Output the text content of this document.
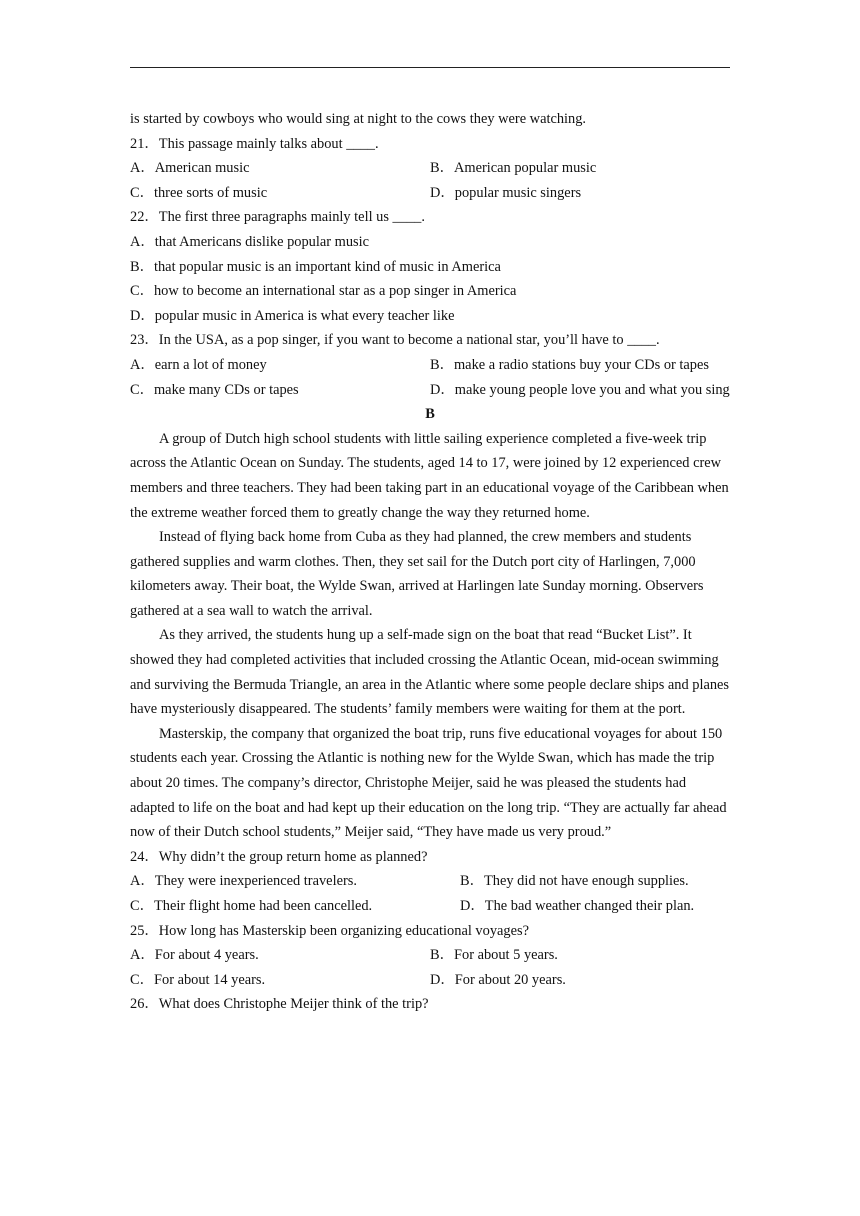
is started by cowboys who would sing at night to the cows they were watching.
21．This passage mainly talks about ____.
A．American music	B．American popular music
C．three sorts of music	D．popular music singers
22．The first three paragraphs mainly tell us ____.
A．that Americans dislike popular music
B．that popular music is an important kind of music in America
C．how to become an international star as a pop singer in America
D．popular music in America is what every teacher like
23．In the USA, as a pop singer, if you want to become a national star, you’ll have to ____.
A．earn a lot of money	B．make a radio stations buy your CDs or tapes
C．make many CDs or tapes	D．make young people love you and what you sing
B
A group of Dutch high school students with little sailing experience completed a five-week trip across the Atlantic Ocean on Sunday. The students, aged 14 to 17, were joined by 12 experienced crew members and three teachers. They had been taking part in an educational voyage of the Caribbean when the extreme weather forced them to greatly change the way they returned home.
Instead of flying back home from Cuba as they had planned, the crew members and students gathered supplies and warm clothes. Then, they set sail for the Dutch port city of Harlingen, 7,000 kilometers away. Their boat, the Wylde Swan, arrived at Harlingen late Sunday morning. Observers gathered at a sea wall to watch the arrival.
As they arrived, the students hung up a self-made sign on the boat that read “Bucket List”. It showed they had completed activities that included crossing the Atlantic Ocean, mid-ocean swimming and surviving the Bermuda Triangle, an area in the Atlantic where some people declare ships and planes have mysteriously disappeared. The students’ family members were waiting for them at the port.
Masterskip, the company that organized the boat trip, runs five educational voyages for about 150 students each year. Crossing the Atlantic is nothing new for the Wylde Swan, which has made the trip about 20 times. The company’s director, Christophe Meijer, said he was pleased the students had adapted to life on the boat and had kept up their education on the long trip. “They are actually far ahead now of their Dutch school students,” Meijer said, “They have made us very proud.”
24．Why didn’t the group return home as planned?
A．They were inexperienced travelers.	B．They did not have enough supplies.
C．Their flight home had been cancelled.	D．The bad weather changed their plan.
25．How long has Masterskip been organizing educational voyages?
A．For about 4 years.	B．For about 5 years.
C．For about 14 years.	D．For about 20 years.
26．What does Christophe Meijer think of the trip?
